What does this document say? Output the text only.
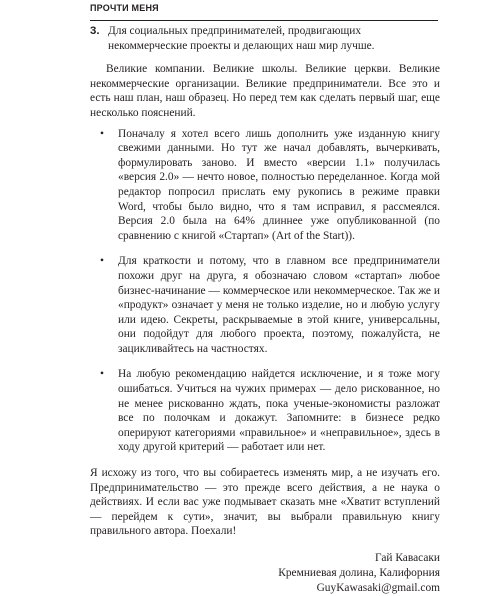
ПРОЧТИ МЕНЯ
3. Для социальных предпринимателей, продвигающих некоммерческие проекты и делающих наш мир лучше.

Великие компании. Великие школы. Великие церкви. Великие некоммерческие организации. Великие предприниматели. Все это и есть наш план, наш образец. Но перед тем как сделать первый шаг, еще несколько пояснений.

• Поначалу я хотел всего лишь дополнить уже изданную книгу свежими данными. Но тут же начал добавлять, вычеркивать, формулировать заново. И вместо «версии 1.1» получилась «версия 2.0» — нечто новое, полностью переделанное. Когда мой редактор попросил прислать ему рукопись в режиме правки Word, чтобы было видно, что я там исправил, я рассмеялся. Версия 2.0 была на 64% длиннее уже опубликованной (по сравнению с книгой «Стартап» (Art of the Start)).

• Для краткости и потому, что в главном все предприниматели похожи друг на друга, я обозначаю словом «стартап» любое бизнес-начинание — коммерческое или некоммерческое. Так же и «продукт» означает у меня не только изделие, но и любую услугу или идею. Секреты, раскрываемые в этой книге, универсальны, они подойдут для любого проекта, поэтому, пожалуйста, не зацикливайтесь на частностях.

• На любую рекомендацию найдется исключение, и я тоже могу ошибаться. Учиться на чужих примерах — дело рискованное, но не менее рискованно ждать, пока ученые-экономисты разложат все по полочкам и докажут. Запомните: в бизнесе редко оперируют категориями «правильное» и «неправильное», здесь в ходу другой критерий — работает или нет.

Я исхожу из того, что вы собираетесь изменять мир, а не изучать его. Предпринимательство — это прежде всего действия, а не наука о действиях. И если вас уже подмывает сказать мне «Хватит вступлений — перейдем к сути», значит, вы выбрали правильную книгу правильного автора. Поехали!

Гай Кавасаки
Кремниевая долина, Калифорния
GuyKawasaki@gmail.com
